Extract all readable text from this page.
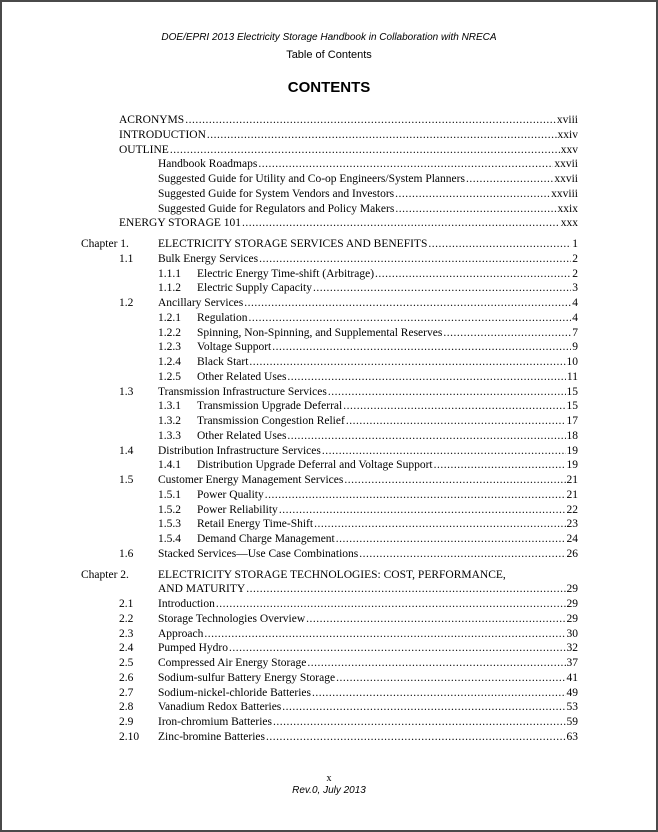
DOE/EPRI 2013 Electricity Storage Handbook in Collaboration with NRECA
Table of Contents
CONTENTS
ACRONYMS .....	xviii
INTRODUCTION .....	xxiv
OUTLINE .....	xxv
Handbook Roadmaps .....	xxvii
Suggested Guide for Utility and Co-op Engineers/System Planners .....	xxvii
Suggested Guide for System Vendors and Investors .....	xxviii
Suggested Guide for Regulators and Policy Makers .....	xxix
ENERGY STORAGE 101 .....	xxx
Chapter 1.	ELECTRICITY STORAGE SERVICES AND BENEFITS .....	1
1.1 Bulk Energy Services .....	2
1.1.1 Electric Energy Time-shift (Arbitrage) .....	2
1.1.2 Electric Supply Capacity .....	3
1.2 Ancillary Services .....	4
1.2.1 Regulation .....	4
1.2.2 Spinning, Non-Spinning, and Supplemental Reserves .....	7
1.2.3 Voltage Support .....	9
1.2.4 Black Start .....	10
1.2.5 Other Related Uses .....	11
1.3 Transmission Infrastructure Services .....	15
1.3.1 Transmission Upgrade Deferral .....	15
1.3.2 Transmission Congestion Relief .....	17
1.3.3 Other Related Uses .....	18
1.4 Distribution Infrastructure Services .....	19
1.4.1 Distribution Upgrade Deferral and Voltage Support .....	19
1.5 Customer Energy Management Services .....	21
1.5.1 Power Quality .....	21
1.5.2 Power Reliability .....	22
1.5.3 Retail Energy Time-Shift .....	23
1.5.4 Demand Charge Management .....	24
1.6 Stacked Services—Use Case Combinations .....	26
Chapter 2.	ELECTRICITY STORAGE TECHNOLOGIES: COST, PERFORMANCE,
AND MATURITY .....	29
2.1 Introduction .....	29
2.2 Storage Technologies Overview .....	29
2.3 Approach .....	30
2.4 Pumped Hydro .....	32
2.5 Compressed Air Energy Storage .....	37
2.6 Sodium-sulfur Battery Energy Storage .....	41
2.7 Sodium-nickel-chloride Batteries .....	49
2.8 Vanadium Redox Batteries .....	53
2.9 Iron-chromium Batteries .....	59
2.10 Zinc-bromine Batteries .....	63
x
Rev.0, July 2013
